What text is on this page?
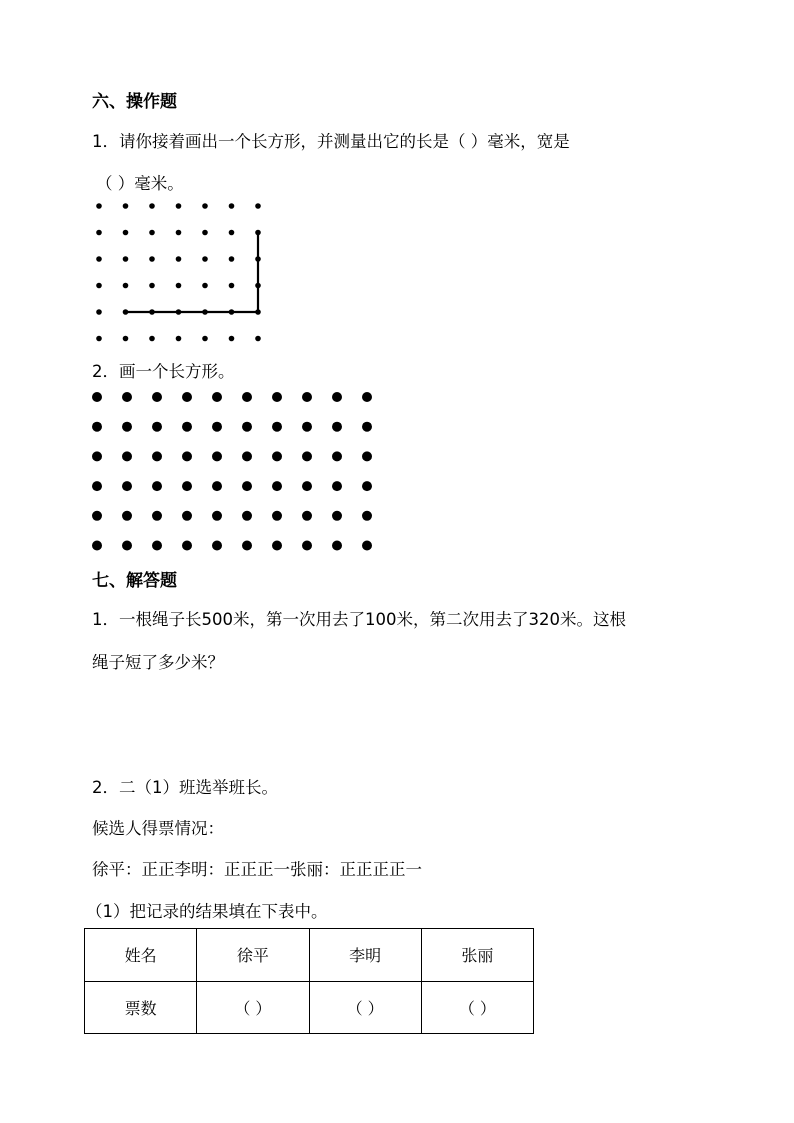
六、操作题
1．请你接着画出一个长方形，并测量出它的长是（ ）毫米，宽是
（ ）毫米。
2．画一个长方形。
七、解答题
1．一根绳子长500米，第一次用去了100米，第二次用去了320米。这根
绳子短了多少米？
2．二（1）班选举班长。
候选人得票情况：
徐平：正正李明：正正正一张丽：正正正正一
（1）把记录的结果填在下表中。
姓名	徐平	李明	张丽
票数	（ ）	（ ）	（ ）
